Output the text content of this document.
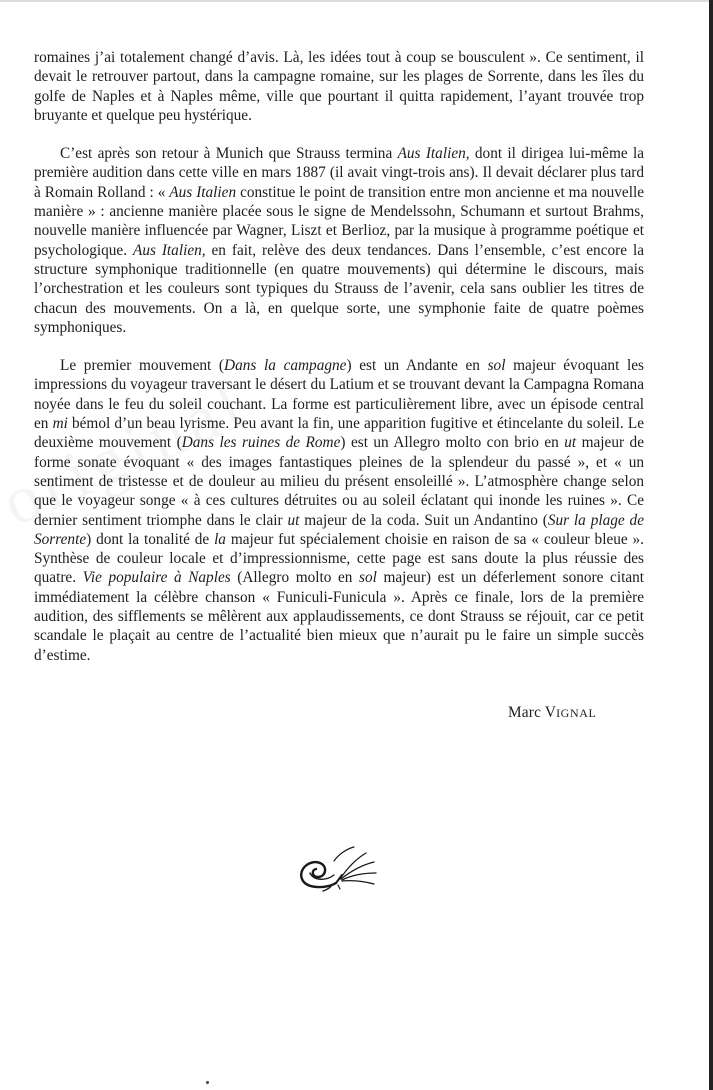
romaines j’ai totalement changé d’avis. Là, les idées tout à coup se bousculent ». Ce sentiment, il devait le retrouver partout, dans la campagne romaine, sur les plages de Sorrente, dans les îles du golfe de Naples et à Naples même, ville que pourtant il quitta rapidement, l’ayant trouvée trop bruyante et quelque peu hystérique.

C’est après son retour à Munich que Strauss termina Aus Italien, dont il dirigea lui-même la première audition dans cette ville en mars 1887 (il avait vingt-trois ans). Il devait déclarer plus tard à Romain Rolland : « Aus Italien constitue le point de transition entre mon ancienne et ma nouvelle manière » : ancienne manière placée sous le signe de Mendelssohn, Schumann et surtout Brahms, nouvelle manière influencée par Wagner, Liszt et Berlioz, par la musique à programme poétique et psychologique. Aus Italien, en fait, relève des deux tendances. Dans l’ensemble, c’est encore la structure symphonique traditionnelle (en quatre mouvements) qui détermine le discours, mais l’orchestration et les couleurs sont typiques du Strauss de l’avenir, cela sans oublier les titres de chacun des mouvements. On a là, en quelque sorte, une symphonie faite de quatre poèmes symphoniques.

Le premier mouvement (Dans la campagne) est un Andante en sol majeur évoquant les impressions du voyageur traversant le désert du Latium et se trouvant devant la Campagna Romana noyée dans le feu du soleil couchant. La forme est particulièrement libre, avec un épisode central en mi bémol d’un beau lyrisme. Peu avant la fin, une apparition fugitive et étincelante du soleil. Le deuxième mouvement (Dans les ruines de Rome) est un Allegro molto con brio en ut majeur de forme sonate évoquant « des images fantastiques pleines de la splendeur du passé », et « un sentiment de tristesse et de douleur au milieu du présent ensoleillé ». L’atmosphère change selon que le voyageur songe « à ces cultures détruites ou au soleil éclatant qui inonde les ruines ». Ce dernier sentiment triomphe dans le clair ut majeur de la coda. Suit un Andantino (Sur la plage de Sorrente) dont la tonalité de la majeur fut spécialement choisie en raison de sa « couleur bleue ». Synthèse de couleur locale et d’impressionnisme, cette page est sans doute la plus réussie des quatre. Vie populaire à Naples (Allegro molto en sol majeur) est un déferlement sonore citant immédiatement la célèbre chanson « Funiculi-Funicula ». Après ce finale, lors de la première audition, des sifflements se mêlèrent aux applaudissements, ce dont Strauss se réjouit, car ce petit scandale le plaçait au centre de l’actualité bien mieux que n’aurait pu le faire un simple succès d’estime.

Marc VIGNAL
